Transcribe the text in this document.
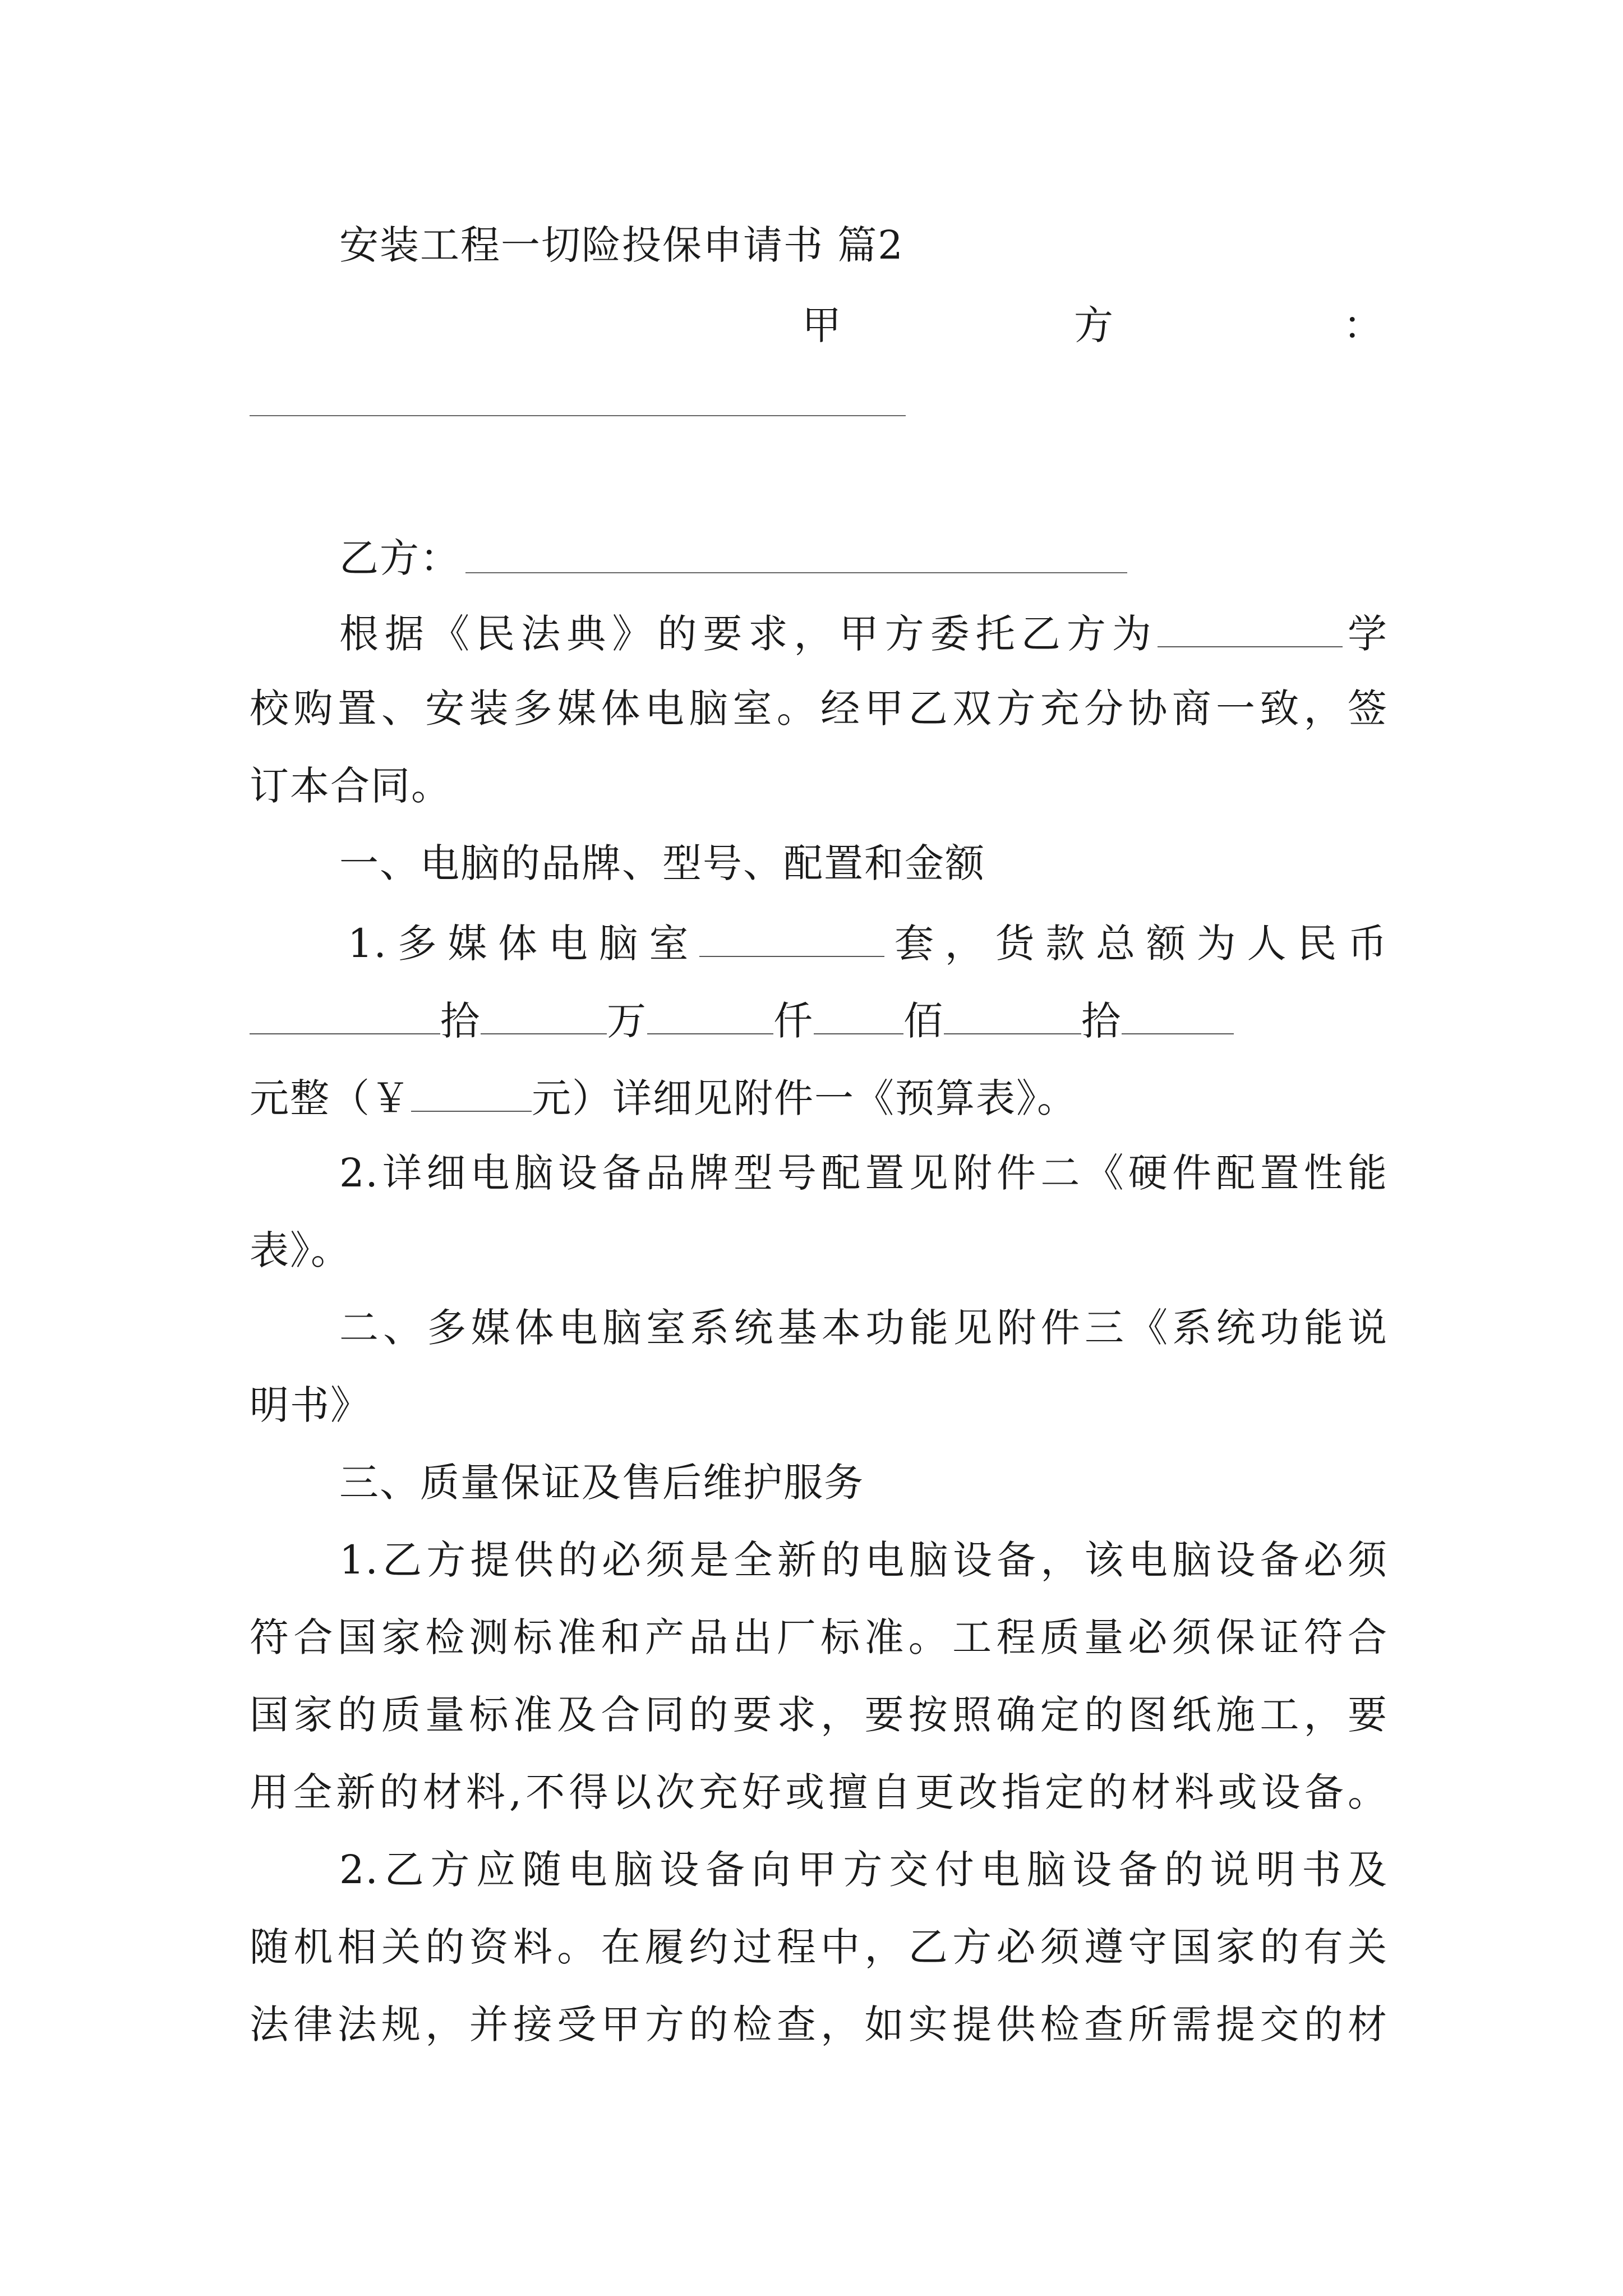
安装工程一切险投保申请书 篇2
甲	方	：
乙方：
根据《民法典》的要求，甲方委托乙方为	学
校购置、安装多媒体电脑室。经甲乙双方充分协商一致，签
订本合同。
一、电脑的品牌、型号、配置和金额
1.多媒体电脑室	套，货款总额为人民币
拾	万	仟 佰	拾
元整（￥	元）详细见附件一《预算表》。
2.详细电脑设备品牌型号配置见附件二《硬件配置性能
表》。
二、多媒体电脑室系统基本功能见附件三《系统功能说
明书》
三、质量保证及售后维护服务
1.乙方提供的必须是全新的电脑设备，该电脑设备必须
符合国家检测标准和产品出厂标准。工程质量必须保证符合
国家的质量标准及合同的要求，要按照确定的图纸施工，要
用全新的材料,不得以次充好或擅自更改指定的材料或设备。
2.乙方应随电脑设备向甲方交付电脑设备的说明书及
随机相关的资料。在履约过程中，乙方必须遵守国家的有关
法律法规，并接受甲方的检查，如实提供检查所需提交的材
